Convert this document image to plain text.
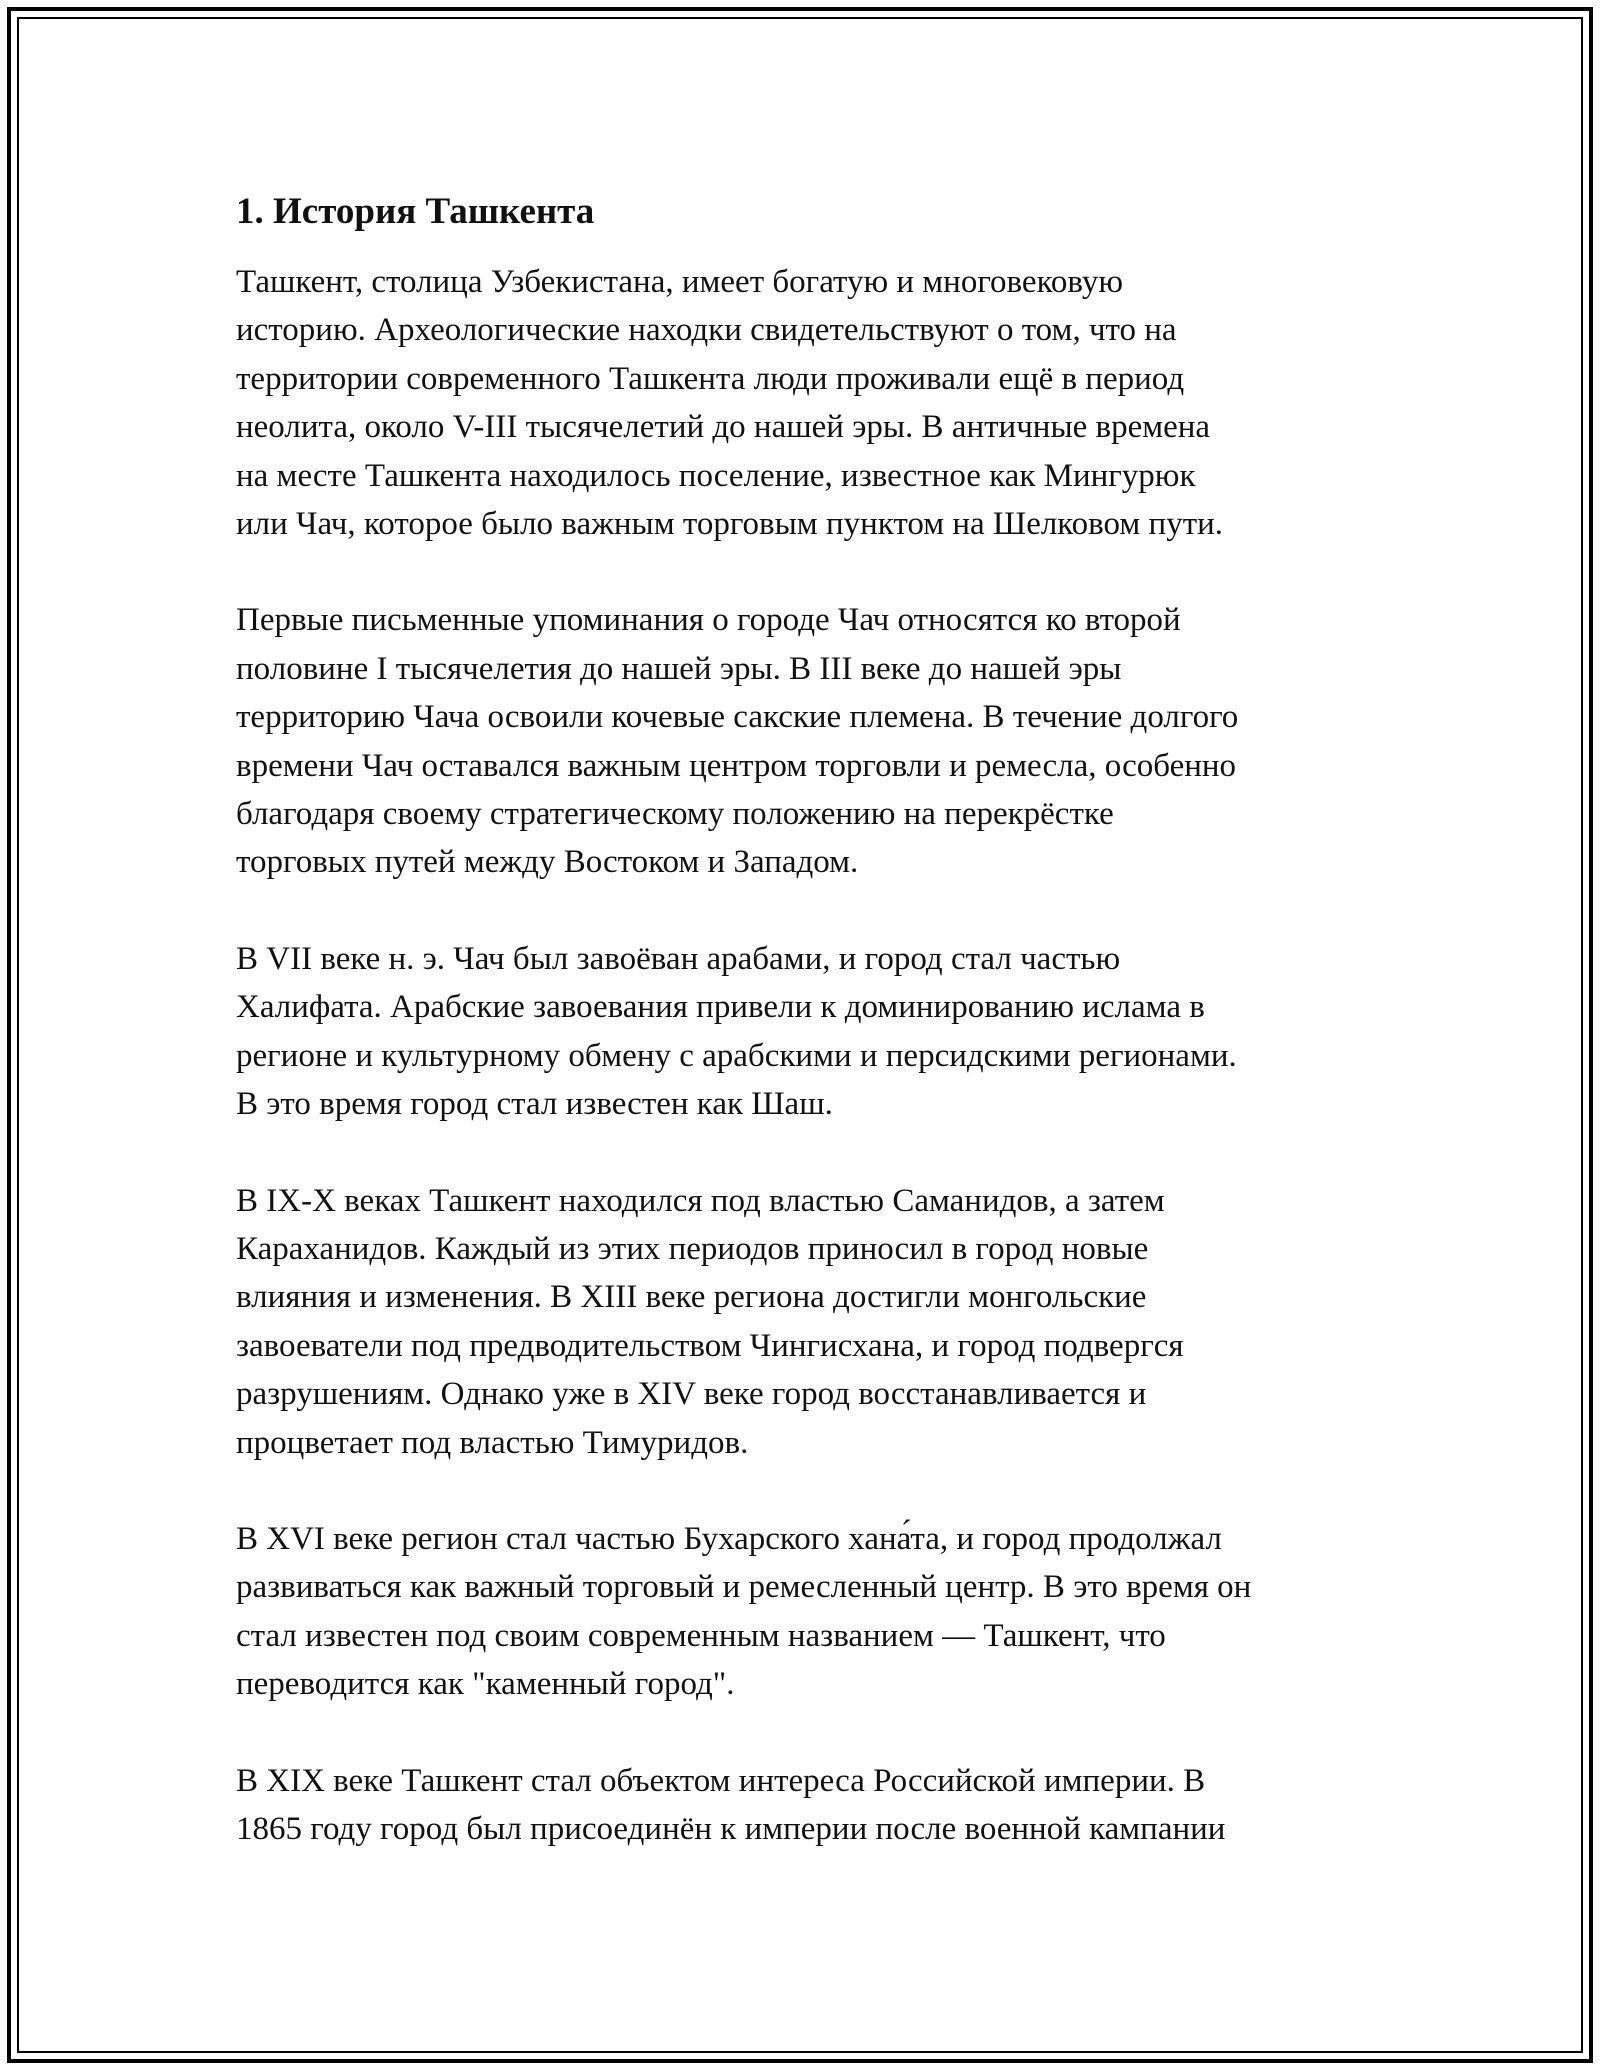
1. История Ташкента

Ташкент, столица Узбекистана, имеет богатую и многовековую
историю. Археологические находки свидетельствуют о том, что на
территории современного Ташкента люди проживали ещё в период
неолита, около V-III тысячелетий до нашей эры. В античные времена
на месте Ташкента находилось поселение, известное как Мингурюк
или Чач, которое было важным торговым пунктом на Шелковом пути.

Первые письменные упоминания о городе Чач относятся ко второй
половине I тысячелетия до нашей эры. В III веке до нашей эры
территорию Чача освоили кочевые сакские племена. В течение долгого
времени Чач оставался важным центром торговли и ремесла, особенно
благодаря своему стратегическому положению на перекрёстке
торговых путей между Востоком и Западом.

В VII веке н. э. Чач был завоёван арабами, и город стал частью
Халифата. Арабские завоевания привели к доминированию ислама в
регионе и культурному обмену с арабскими и персидскими регионами.
В это время город стал известен как Шаш.

В IX-X веках Ташкент находился под властью Саманидов, а затем
Караханидов. Каждый из этих периодов приносил в город новые
влияния и изменения. В XIII веке региона достигли монгольские
завоеватели под предводительством Чингисхана, и город подвергся
разрушениям. Однако уже в XIV веке город восстанавливается и
процветает под властью Тимуридов.

В XVI веке регион стал частью Бухарского хана́та, и город продолжал
развиваться как важный торговый и ремесленный центр. В это время он
стал известен под своим современным названием — Ташкент, что
переводится как "каменный город".

В XIX веке Ташкент стал объектом интереса Российской империи. В
1865 году город был присоединён к империи после военной кампании
